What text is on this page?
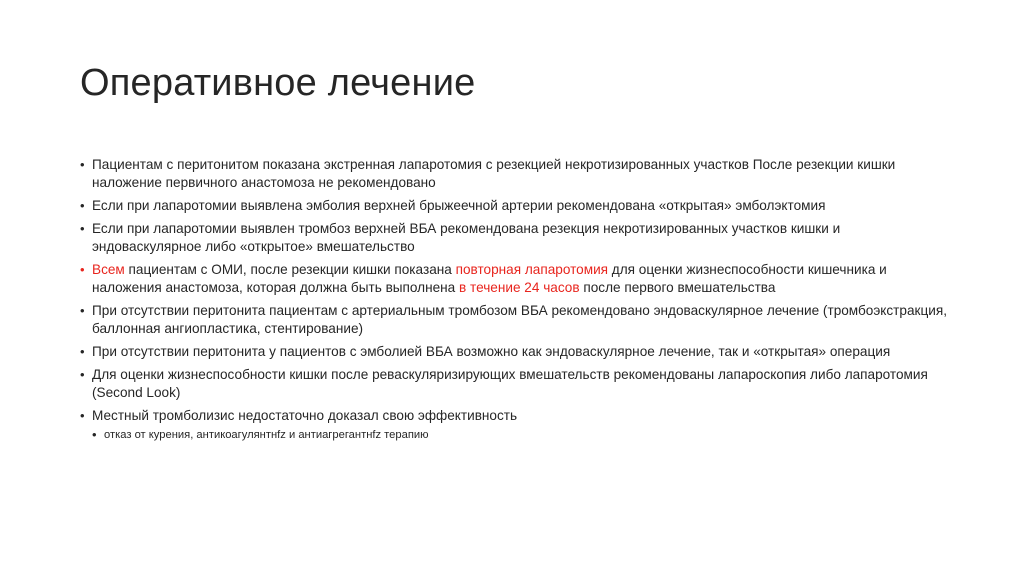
Оперативное лечение
• Пациентам с перитонитом показана экстренная лапаротомия с резекцией некротизированных участков После резекции кишки наложение первичного анастомоза не рекомендовано
• Если при лапаротомии выявлена эмболия верхней брыжеечной артерии рекомендована «открытая» эмболэктомия
• Если при лапаротомии выявлен тромбоз верхней ВБА рекомендована резекция некротизированных участков кишки и эндоваскулярное либо «открытое» вмешательство
• Всем пациентам с ОМИ, после резекции кишки показана повторная лапаротомия для оценки жизнеспособности кишечника и наложения анастомоза, которая должна быть выполнена в течение 24 часов после первого вмешательства
• При отсутствии перитонита пациентам с артериальным тромбозом ВБА рекомендовано эндоваскулярное лечение (тромбоэкстракция, баллонная ангиопластика, стентирование)
• При отсутствии перитонита у пациентов с эмболией ВБА возможно как эндоваскулярное лечение, так и «открытая» операция
• Для оценки жизнеспособности кишки после реваскуляризирующих вмешательств рекомендованы лапароскопия либо лапаротомия (Second Look)
• Местный тромболизис недостаточно доказал свою эффективность
• отказ от курения, антикоагулянтнfz и антиагрегантнfz терапию
